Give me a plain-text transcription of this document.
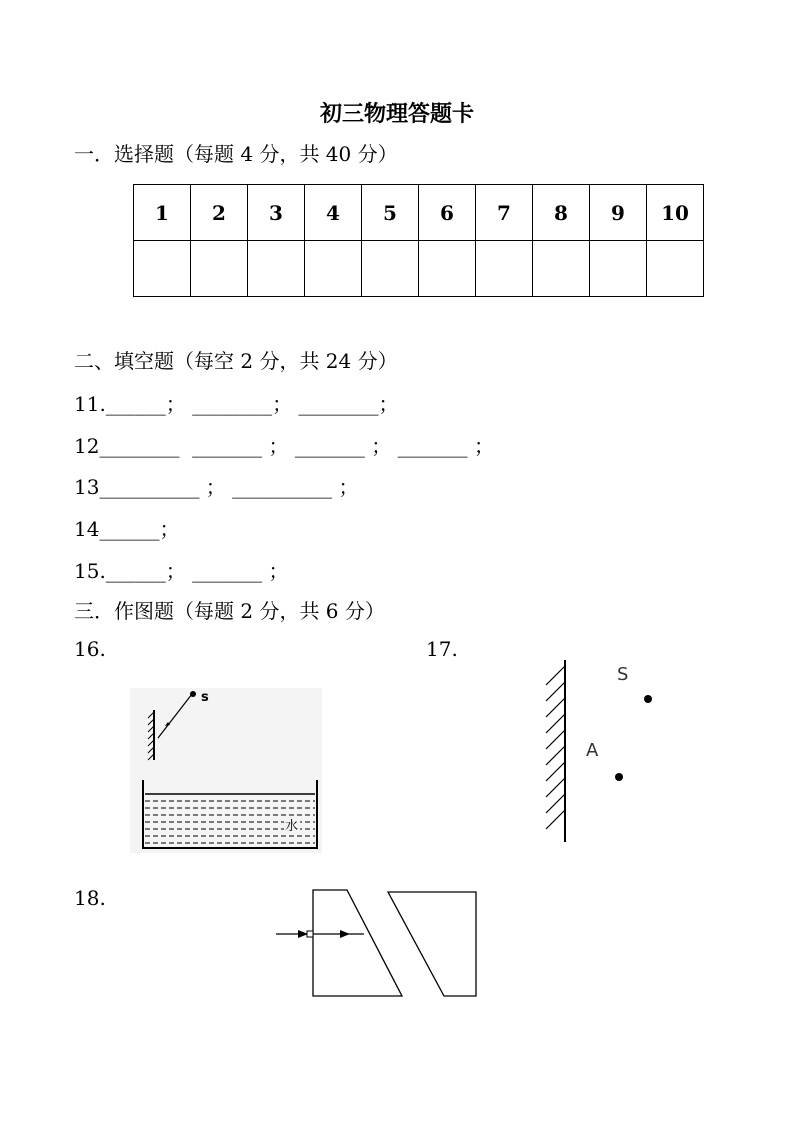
初三物理答题卡
一．选择题（每题 4 分，共 40 分）
1	2	3	4	5	6	7	8	9	10

二、填空题（每空 2 分，共 24 分）
11.______； ________； ________；
12________  _______ ； _______ ； _______ ；
13__________ ； __________ ；
14______；
15.______； _______ ；
三．作图题（每题 2 分，共 6 分）
16.	17.
18.
s
水
S
A
